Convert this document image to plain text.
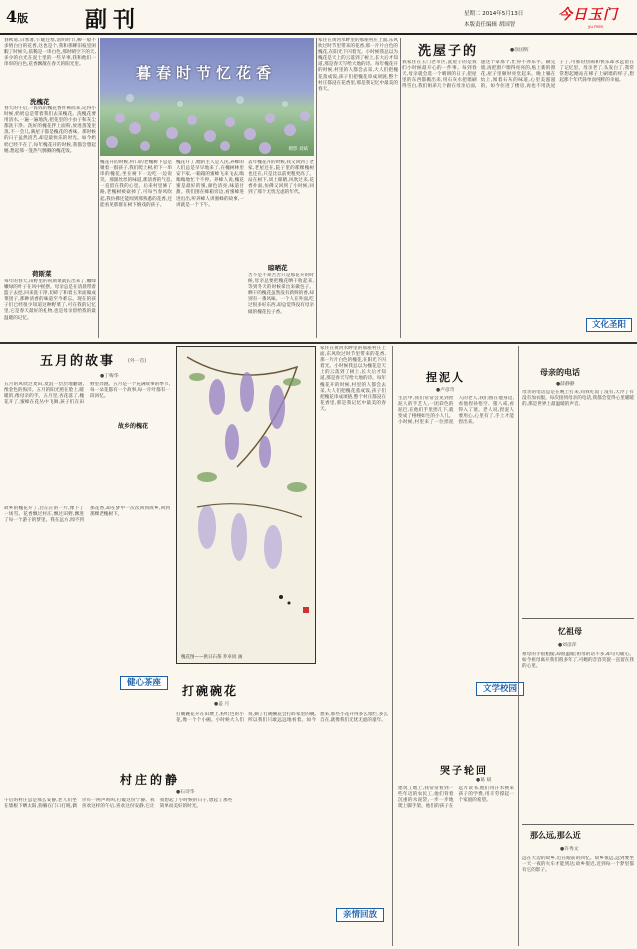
4版	副刊	星期二 2014年5月13日
本版责任编辑 胡国智
今日玉门
yu men
春秋易,日寒暑,乍暖还寒,清明时节,柳一般不多情白白的花香,这也是个,我和那柳旧枝里闲暇了时候久,依稀是一串白色,那时晴空下的天,多少的白光在泥土里的一些早事,我和他们一串串的白色,花香飘散在春天的阳光里。
洗槐花
春天的午后,一阵阵的槐花香扑鼻而来,记得小时候,奶奶总是带着我们去采槐花。洗槐花要用清水,一遍一遍地洗,把花里的小虫子和灰尘都洗干净。洗好的槐花拌上面粉,放进蒸笼里蒸,不一会儿,满屋子都是槐花的香味。那时候的日子虽然清苦,却是最快乐的时光。如今奶奶已经不在了,每年槐花开的时候,我都会想起她,想起那一笼热气腾腾的槐花饭。
荷斯菜
每年的春天,田野里的荷斯菜就长出来了,嫩绿嫩绿的叶子在风中摇摆。母亲总是在清晨带着篮子去挖,回来洗干净,切碎了和着玉米面做成菜团子,那种清香的味道至今难忘。现在的孩子们已经很少知道这种野菜了,可在我的记忆里,它是春天最好的礼物,也是母亲留给我的最温暖的记忆。
暮春时节忆花香
摄影 刘斌
槐花开的时候,村口的老槐树下总是聚着一群孩子,我们爬上树,折下一串串的槐花,坐在树下一边吃一边说笑。那甜丝丝的味道,那清香的气息,一直留在我的心里。后来村里修了路,老槐树被砍掉了,可每当春风吹起,我仿佛还能闻到那熟悉的花香,还能看见那群在树下嬉戏的孩子。
槐花开了,她的主人是人民,养蜂的人们总是早早地来了,在槐树林里安下家,一箱箱的蜜蜂飞来飞去,嗡嗡嗡地忙个不停。养蜂人说,槐花蜜是最好的蜜,颜色清亮,味道甘甜。我们围在蜂箱旁边,看蜜蜂进进出出,听养蜂人讲蜜蜂的故事,一讲就是一个下午。
去年槐花开的时候,我又回到了老家,老屋还在,院子里的那棵槐树也还在,只是比以前更粗更高了。站在树下,闭上眼睛,风吹过来,花香扑面,仿佛又回到了小时候,回到了那个无忧无虑的年代。
晾晒花
苦不是不知苦苦只是那花开的时候,母亲总要把槐花晒干收起来,等到冬天的时候拿出来做包子。晒干的槐花虽然没有新鲜的香,却别有一番风味。一个人在外面,吃过很多好东西,却总觉得没有母亲做的槐花包子香。
家住在黄河水畔里的那座村庄上面,东风吹过时节里带来的花香,那一片片白色的槐花,在阳光下闪着光。小时候我总以为槐花是天上的云落到了树上,长大后才知道,那是春天写给大地的诗。每年槐花开的时候,村里的人都会去采,大人们把槐花蒸成饭,孩子们把槐花串成项链,整个村庄都浸在花香里,那是我记忆中最美的春天。
洗屋子的	●徐国辉
我家住在玉门老市区,洗屋子的是我们小时候最开心的一件事。每到春天,母亲就会选一个晴朗的日子,把屋里的东西都搬出来,用石灰水把墙刷得雪白,我们姐弟几个跟在母亲后面,递这个拿那个,忙得不亦乐乎。刷完墙,再把窗户擦得亮亮的,贴上新的窗花,屋子里顿时亮堂起来。晚上躺在炕上,闻着石灰的味道,心里美滋滋的。如今住进了楼房,再也不用洗屋子了,可那份热闹和快乐却永远留在了记忆里。母亲老了,头发白了,我常常想起她站在梯子上刷墙的样子,想起那个年代简单而纯粹的幸福。
文化圣阳
五月的故事	(外一首)
●丁梅华
五月的风吹过麦田,麦浪一层层地翻滚,像金色的海洋。五月的阳光照在脸上,暖暖的,像母亲的手。五月里,杏花落了,槐花开了,蜜蜂在花丛中飞舞,孩子们在田野里奔跑。五月是一个充满故事的季节,每一朵花都有一个故事,每一片叶都有一段回忆。
故乡的槐花
故乡的槐花开了,白茫茫的一片,像下了一场雪。花香飘过村庄,飘过田野,飘进了每一个游子的梦里。我在远方,闻不到那花香,却在梦中一次次回到故乡,回到那棵老槐树下。
健心茶座
槐花图——供日石茶 乔卓同 画
打碗碗花
●盖 月
打碗碗花开在田埂上,粉红色的小花,像一个个小碗。小时候大人们说,摘了打碗碗花会打碎家里的碗,所以我们只敢远远地看着。如今想来,那些小花开得多么灿烂,多么自在,就像我们无忧无虑的童年。
家住在黄河水畔里的那座村庄上面,东风吹过时节里带来的花香,那一片片白色的槐花,在阳光下闪着光。小时候我总以为槐花是天上的云落到了树上,长大后才知道,那是春天写给大地的诗。每年槐花开的时候,村里的人都会去采,大人们把槐花蒸成饭,孩子们把槐花串成项链,整个村庄都浸在花香里,那是我记忆中最美的春天。
村庄的静
●石诗华
午后的村庄总是那么安静,老人们坐在墙根下晒太阳,狗躺在门口打盹,偶尔有一两声鸡叫,打破这份宁静。我喜欢这样的午后,喜欢这份安静,它让我想起了小时候的日子,想起了那些简单而美好的时光。
亲情回放
捏泥人
●卢彦奇
生活中,我们常常会见到捏泥人的手艺人,一团彩色的泥巴,在他们手里捏几下,就变成了栩栩如生的小人儿。小时候,村里来了一位捏泥人的老人,我们围在他身边,看他捏孙悟空、猪八戒,看得入了迷。老人说,捏泥人要用心,心里有了,手上才能捏出来。
文学校园
哭子轮回
●葛 斌
建筑工地上,我常常看到一些年迈的农民工,他们背着沉重的水泥袋,一步一步地爬上脚手架。他们的孩子在远方读书,他们用汗水换来孩子的学费,用辛劳撑起一个家庭的希望。
母亲的电话
●薛静静
母亲的电话总是在晚上打来,问我吃饭了没有,天冷了有没有加衣服。每次接到母亲的电话,我都会觉得心里暖暖的,那是世界上最温暖的声音。
忆祖母
●刘彦萍
祖母的手很粗糙,却很温暖;祖母的话不多,却句句暖心。如今祖母离开我们很多年了,可她的音容笑貌一直留在我的心里。
那么远,那么近
●许秀文
远在天边的故乡,近在眼前的回忆。故乡很远,远到要坐一天一夜的火车才能到达;故乡很近,近到每一个梦里都有它的影子。
